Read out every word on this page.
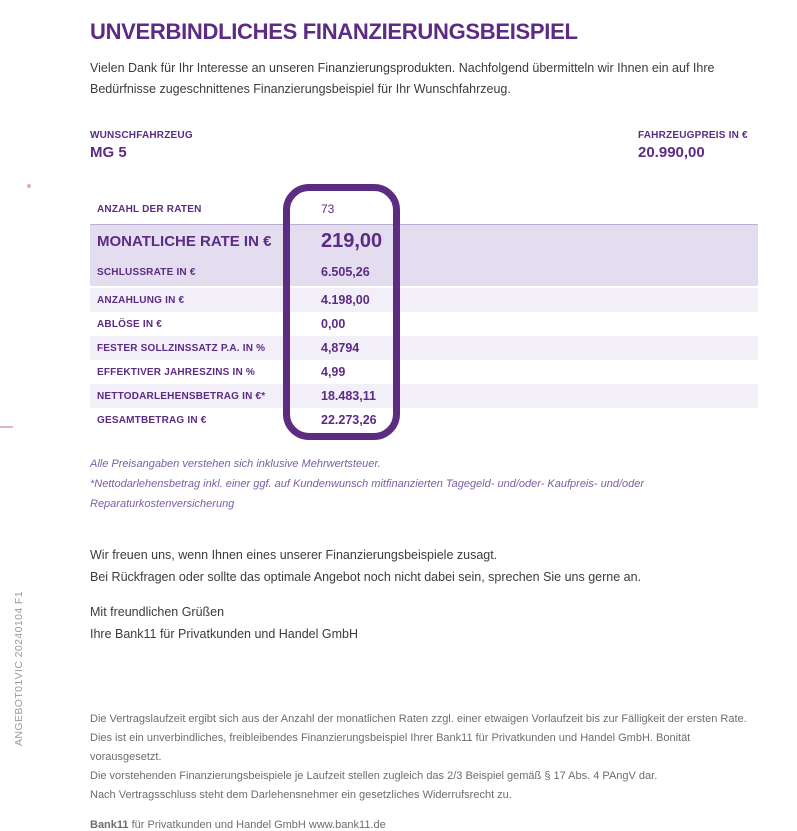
ANGEBOT01VIC 20240104 F1
UNVERBINDLICHES FINANZIERUNGSBEISPIEL
Vielen Dank für Ihr Interesse an unseren Finanzierungsprodukten. Nachfolgend übermitteln wir Ihnen ein auf Ihre Bedürfnisse zugeschnittenes Finanzierungsbeispiel für Ihr Wunschfahrzeug.
WUNSCHFAHRZEUG
MG 5
FAHRZEUGPREIS IN €
20.990,00
ANZAHL DER RATEN	73
MONATLICHE RATE IN €	219,00
SCHLUSSRATE IN €	6.505,26
ANZAHLUNG IN €	4.198,00
ABLÖSE IN €	0,00
FESTER SOLLZINSSATZ P.A. IN %	4,8794
EFFEKTIVER JAHRESZINS IN %	4,99
NETTODARLEHENSBETRAG IN €*	18.483,11
GESAMTBETRAG IN €	22.273,26
Alle Preisangaben verstehen sich inklusive Mehrwertsteuer.
*Nettodarlehensbetrag inkl. einer ggf. auf Kundenwunsch mitfinanzierten Tagegeld- und/oder- Kaufpreis- und/oder Reparaturkostenversicherung
Wir freuen uns, wenn Ihnen eines unserer Finanzierungsbeispiele zusagt.
Bei Rückfragen oder sollte das optimale Angebot noch nicht dabei sein, sprechen Sie uns gerne an.
Mit freundlichen Grüßen
Ihre Bank11 für Privatkunden und Handel GmbH
Die Vertragslaufzeit ergibt sich aus der Anzahl der monatlichen Raten zzgl. einer etwaigen Vorlaufzeit bis zur Fälligkeit der ersten Rate.
Dies ist ein unverbindliches, freibleibendes Finanzierungsbeispiel Ihrer Bank11 für Privatkunden und Handel GmbH. Bonität vorausgesetzt.
Die vorstehenden Finanzierungsbeispiele je Laufzeit stellen zugleich das 2/3 Beispiel gemäß § 17 Abs. 4 PAngV dar.
Nach Vertragsschluss steht dem Darlehensnehmer ein gesetzliches Widerrufsrecht zu.
Bank11 für Privatkunden und Handel GmbH www.bank11.de
